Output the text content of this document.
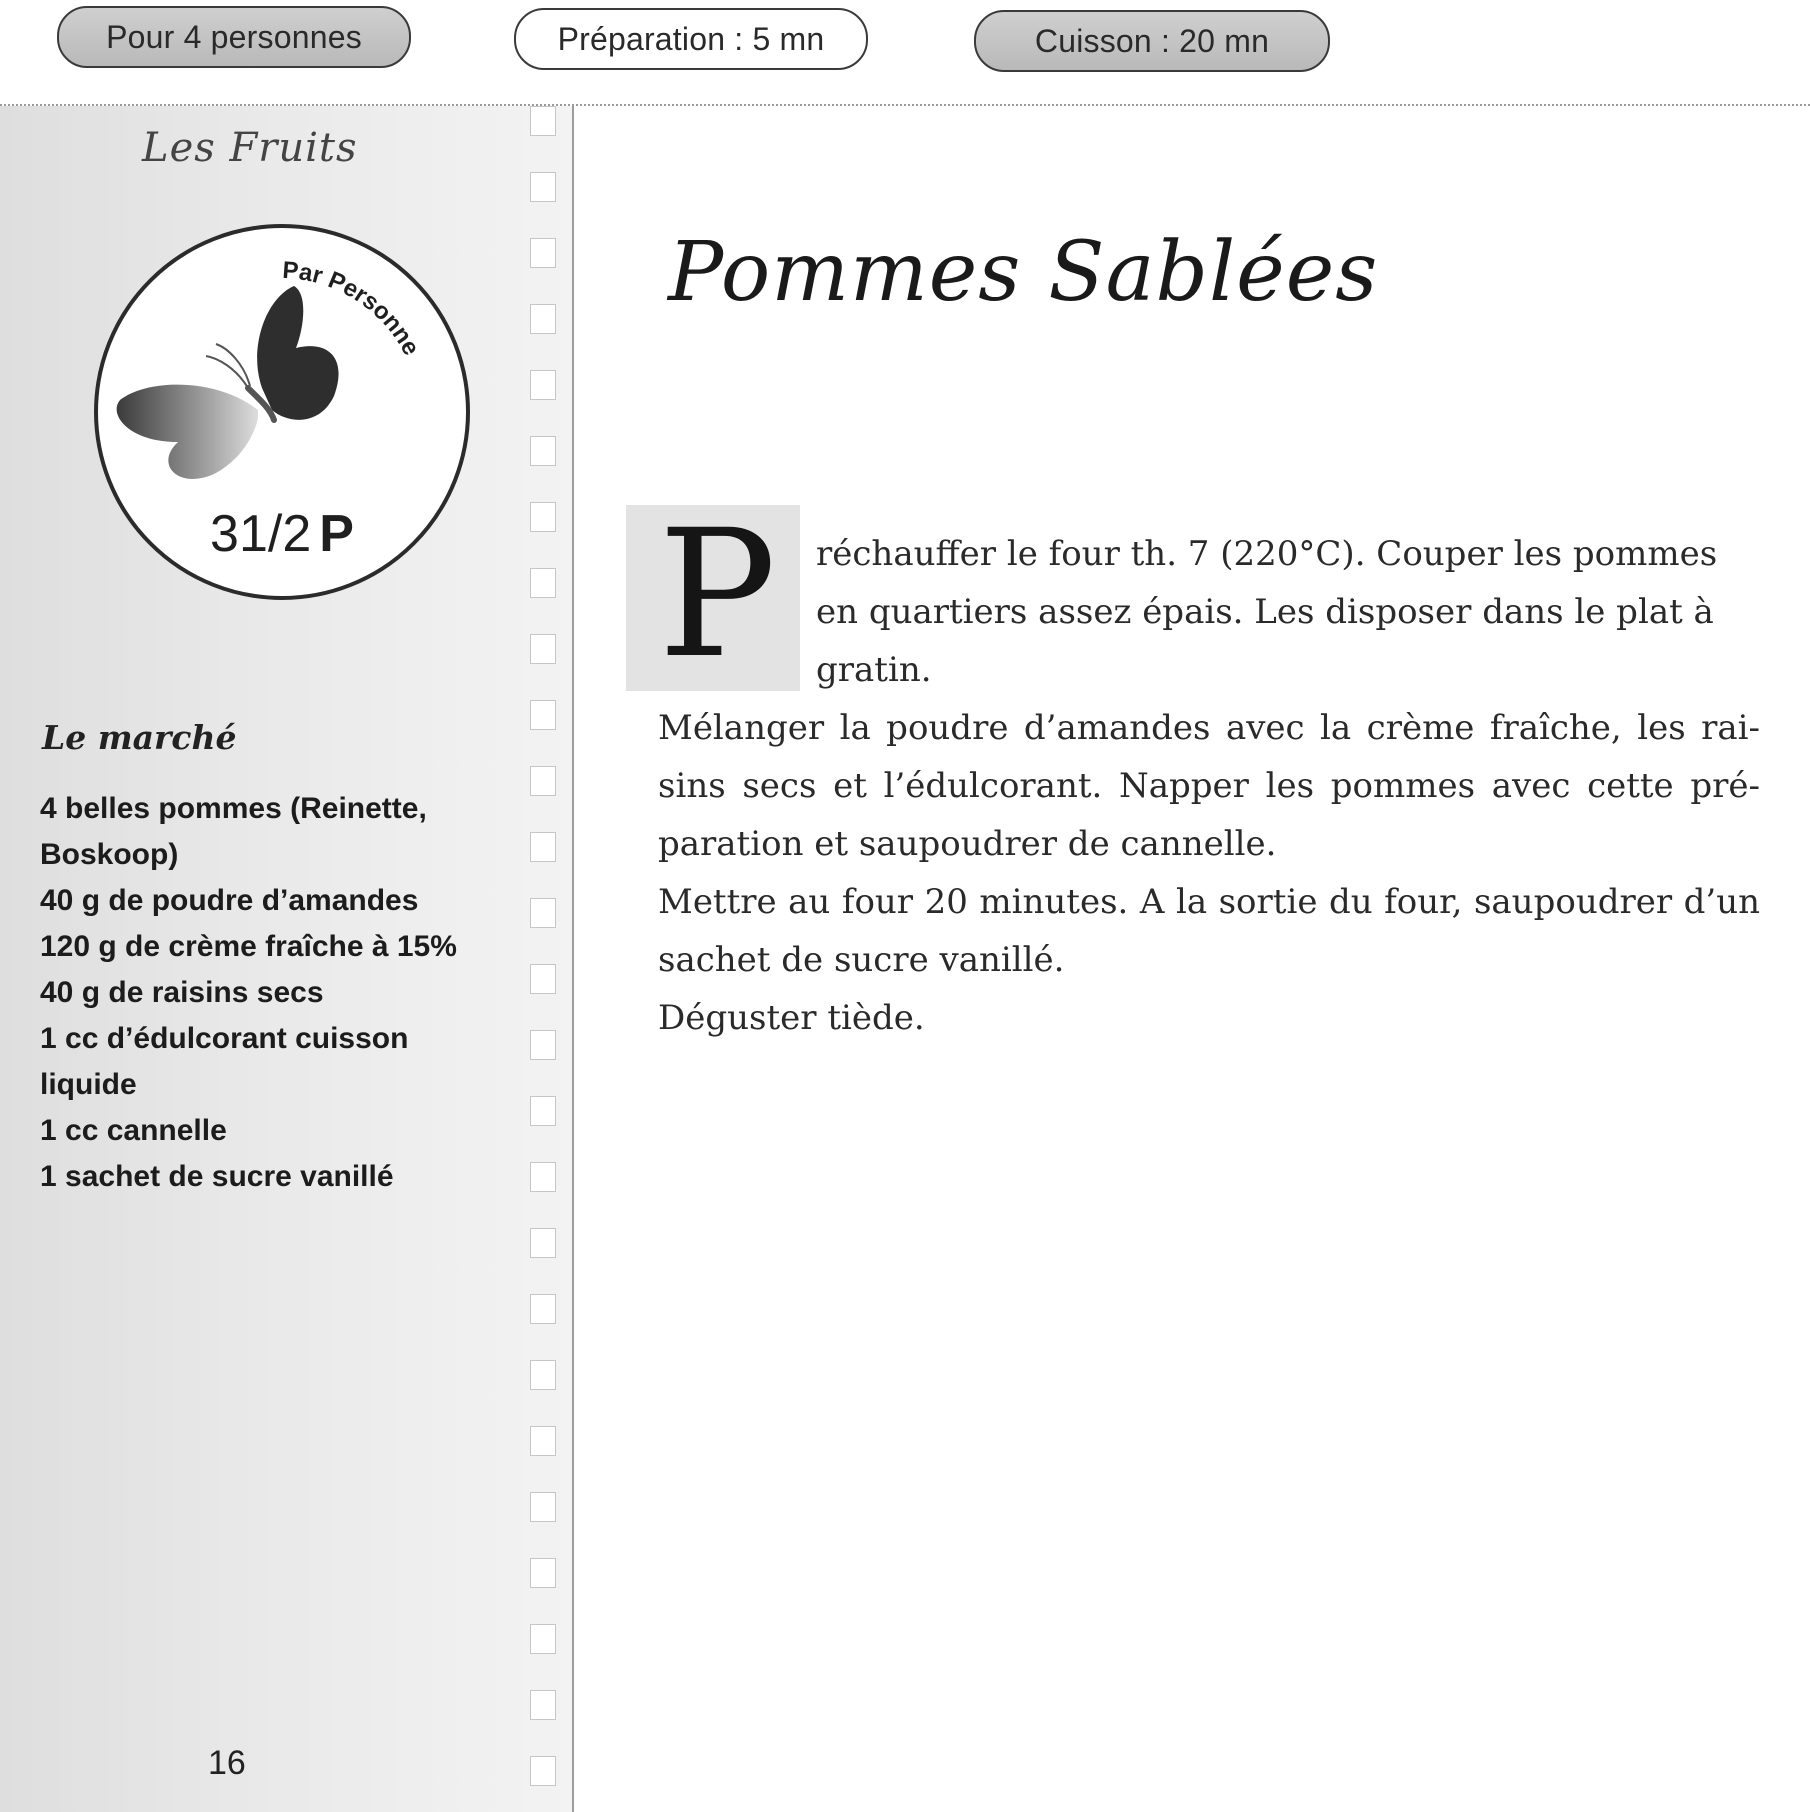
Pour 4 personnes	Préparation : 5 mn	Cuisson : 20 mn
Les Fruits
Par Personne
31/2 P
Le marché
4 belles pommes (Reinette,
Boskoop)
40 g de poudre d’amandes
120 g de crème fraîche à 15%
40 g de raisins secs
1 cc d’édulcorant cuisson
liquide
1 cc cannelle
1 sachet de sucre vanillé
16
Pommes Sablées
P réchauffer le four th. 7 (220°C). Couper les pommes

en quartiers assez épais. Les disposer dans le plat à

gratin.

Mélanger la poudre d’amandes avec la crème fraîche, les rai-sins secs et l’édulcorant. Napper les pommes avec cette pré-paration et saupoudrer de cannelle.

Mettre au four 20 minutes. A la sortie du four, saupoudrer d’un sachet de sucre vanillé.

Déguster tiède.
